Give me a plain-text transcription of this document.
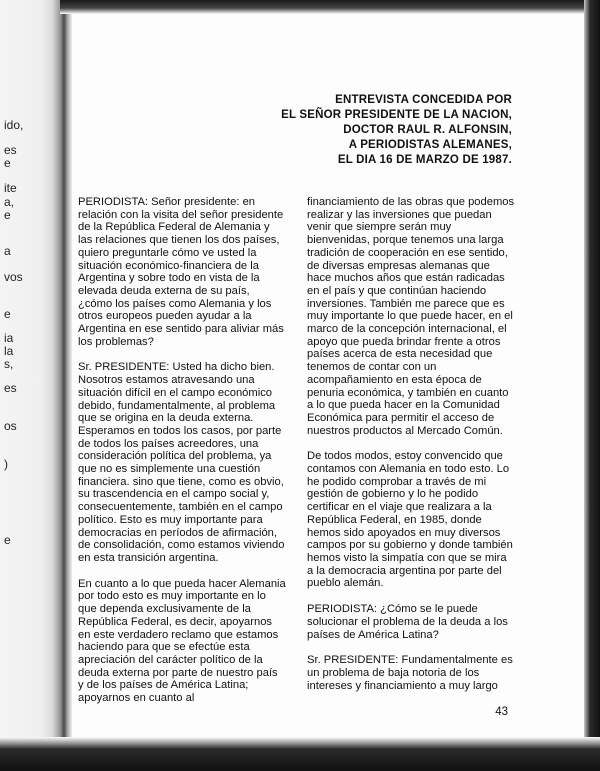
ido,
es
e
ite
a,
e
a
vos
e
ia
la
s,
es
os
)
e
ENTREVISTA CONCEDIDA POR
EL SEÑOR PRESIDENTE DE LA NACION,
DOCTOR RAUL R. ALFONSIN,
A PERIODISTAS ALEMANES,
EL DIA 16 DE MARZO DE 1987.

PERIODISTA: Señor presidente: en relación con la visita del señor presidente de la República Federal de Alemania y las relaciones que tienen los dos países, quiero preguntarle cómo ve usted la situación económico-financiera de la Argentina y sobre todo en vista de la elevada deuda externa de su país, ¿cómo los países como Alemania y los otros europeos pueden ayudar a la Argentina en ese sentido para aliviar más los problemas?

Sr. PRESIDENTE: Usted ha dicho bien. Nosotros estamos atravesando una situación difícil en el campo económico debido, fundamentalmente, al problema que se origina en la deuda externa. Esperamos en todos los casos, por parte de todos los países acreedores, una consideración política del problema, ya que no es simplemente una cuestión financiera. sino que tiene, como es obvio, su trascendencia en el campo social y, consecuentemente, también en el campo político. Esto es muy importante para democracias en períodos de afirmación, de consolidación, como estamos viviendo en esta transición argentina.

En cuanto a lo que pueda hacer Alemania por todo esto es muy importante en lo que dependa exclusivamente de la República Federal, es decir, apoyarnos en este verdadero reclamo que estamos haciendo para que se efectúe esta apreciación del carácter político de la deuda externa por parte de nuestro país y de los países de América Latina; apoyarnos en cuanto al

financiamiento de las obras que podemos realizar y las inversiones que puedan venir que siempre serán muy bienvenidas, porque tenemos una larga tradición de cooperación en ese sentido, de diversas empresas alemanas que hace muchos años que están radicadas en el país y que continúan haciendo inversiones. También me parece que es muy importante lo que puede hacer, en el marco de la concepción internacional, el apoyo que pueda brindar frente a otros países acerca de esta necesidad que tenemos de contar con un acompañamiento en esta época de penuria económica, y también en cuanto a lo que pueda hacer en la Comunidad Económica para permitir el acceso de nuestros productos al Mercado Común.

De todos modos, estoy convencido que contamos con Alemania en todo esto. Lo he podido comprobar a través de mi gestión de gobierno y lo he podido certificar en el viaje que realizara a la República Federal, en 1985, donde hemos sido apoyados en muy diversos campos por su gobierno y donde también hemos visto la simpatía con que se mira a la democracia argentina por parte del pueblo alemán.

PERIODISTA: ¿Cómo se le puede solucionar el problema de la deuda a los países de América Latina?

Sr. PRESIDENTE: Fundamentalmente es un problema de baja notoria de los intereses y financiamiento a muy largo

43
